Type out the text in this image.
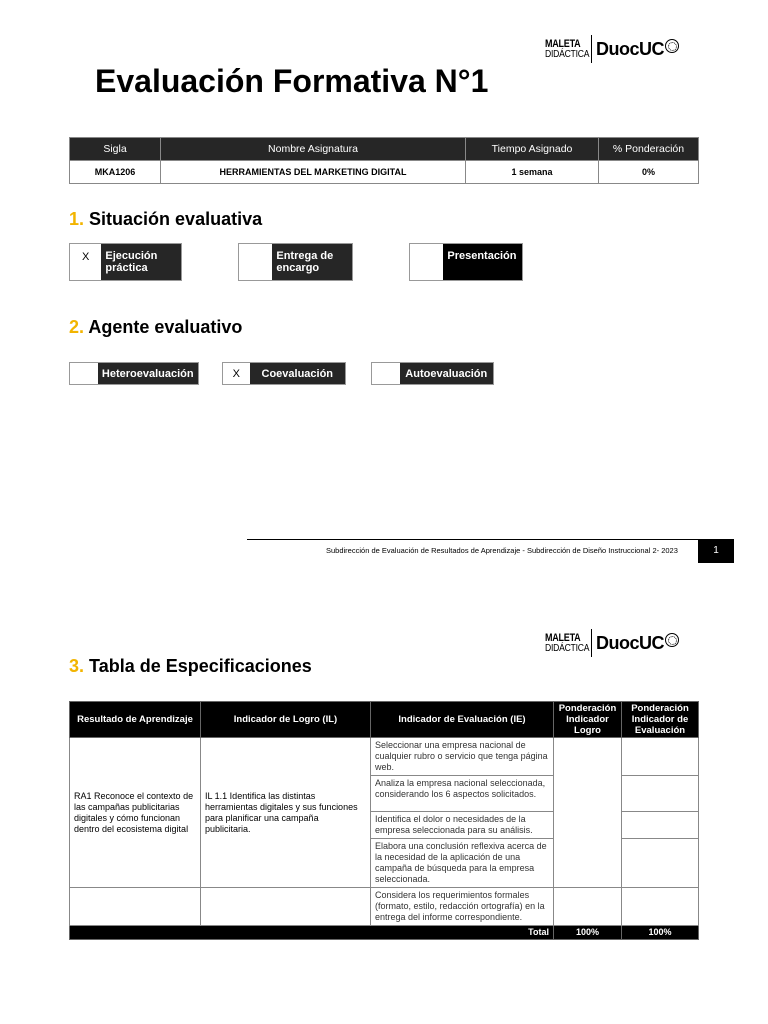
MALETA
DIDÁCTICA DuocUC
Evaluación Formativa N°1
Sigla	Nombre Asignatura	Tiempo Asignado	% Ponderación
MKA1206	HERRAMIENTAS DEL MARKETING DIGITAL	1 semana	0%
1. Situación evaluativa
X	Ejecución práctica
Entrega de encargo
Presentación
2. Agente evaluativo
Heteroevaluación	X	Coevaluación	Autoevaluación
Subdirección de Evaluación de Resultados de Aprendizaje - Subdirección de Diseño Instruccional 2- 2023	1
MALETA
DIDÁCTICA DuocUC
3. Tabla de Especificaciones
Resultado de Aprendizaje	Indicador de Logro (IL)	Indicador de Evaluación (IE)	Ponderación Indicador Logro	Ponderación Indicador de Evaluación
RA1 Reconoce el contexto de las campañas publicitarias digitales y cómo funcionan dentro del ecosistema digital	IL 1.1 Identifica las distintas herramientas digitales y sus funciones para planificar una campaña publicitaria.	Seleccionar una empresa nacional de cualquier rubro o servicio que tenga página web.		
		Analiza la empresa nacional seleccionada, considerando los 6 aspectos solicitados.		
		Identifica el dolor o necesidades de la empresa seleccionada para su análisis.		
		Elabora una conclusión reflexiva acerca de la necesidad de la aplicación de una campaña de búsqueda para la empresa seleccionada.		
		Considera los requerimientos formales (formato, estilo, redacción ortografía) en la entrega del informe correspondiente.		
Total			100%	100%
